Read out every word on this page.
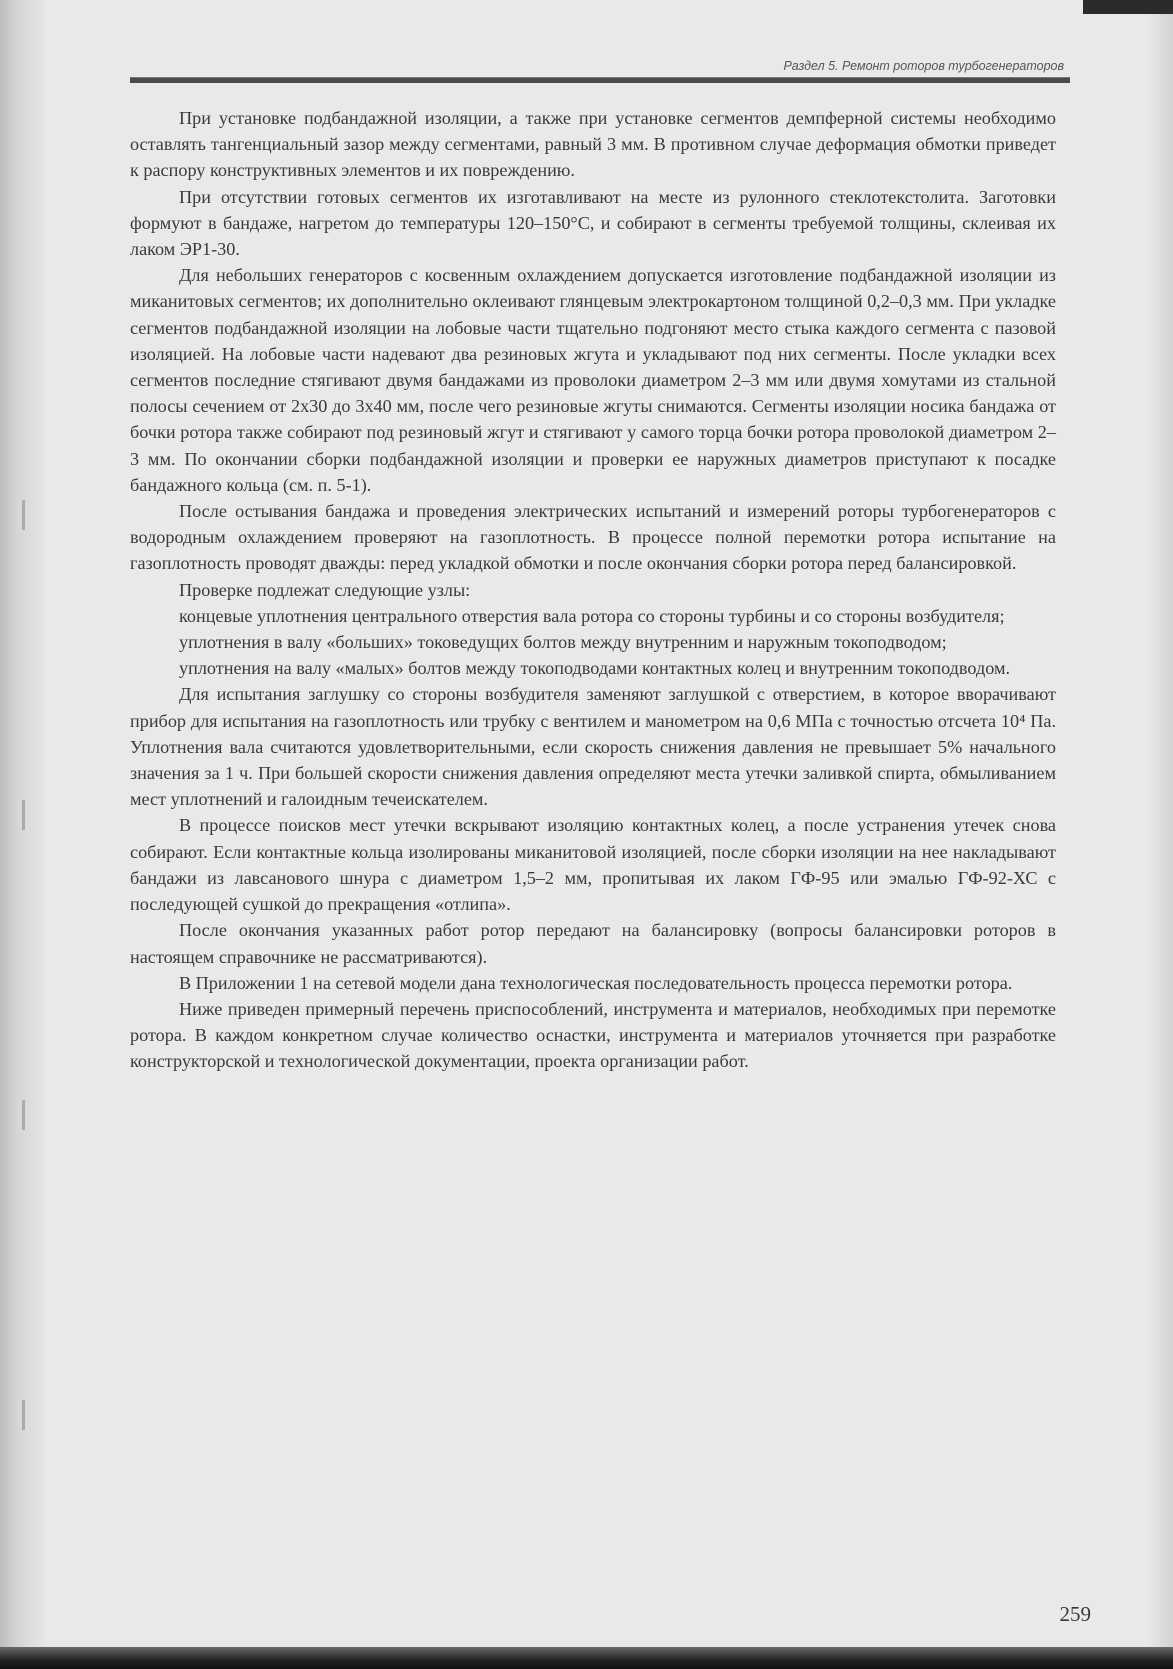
Раздел 5. Ремонт роторов турбогенераторов

При установке подбандажной изоляции, а также при установке сегментов демпферной системы необходимо оставлять тангенциальный зазор между сегментами, равный 3 мм. В противном случае деформация обмотки приведет к распору конструктивных элементов и их повреждению.

При отсутствии готовых сегментов их изготавливают на месте из рулонного стеклотекстолита. Заготовки формуют в бандаже, нагретом до температуры 120–150°С, и собирают в сегменты требуемой толщины, склеивая их лаком ЭР1-30.

Для небольших генераторов с косвенным охлаждением допускается изготовление подбандажной изоляции из миканитовых сегментов; их дополнительно оклеивают глянцевым электрокартоном толщиной 0,2–0,3 мм. При укладке сегментов подбандажной изоляции на лобовые части тщательно подгоняют место стыка каждого сегмента с пазовой изоляцией. На лобовые части надевают два резиновых жгута и укладывают под них сегменты. После укладки всех сегментов последние стягивают двумя бандажами из проволоки диаметром 2–3 мм или двумя хомутами из стальной полосы сечением от 2х30 до 3х40 мм, после чего резиновые жгуты снимаются. Сегменты изоляции носика бандажа от бочки ротора также собирают под резиновый жгут и стягивают у самого торца бочки ротора проволокой диаметром 2–3 мм. По окончании сборки подбандажной изоляции и проверки ее наружных диаметров приступают к посадке бандажного кольца (см. п. 5-1).

После остывания бандажа и проведения электрических испытаний и измерений роторы турбогенераторов с водородным охлаждением проверяют на газоплотность. В процессе полной перемотки ротора испытание на газоплотность проводят дважды: перед укладкой обмотки и после окончания сборки ротора перед балансировкой.

Проверке подлежат следующие узлы:

концевые уплотнения центрального отверстия вала ротора со стороны турбины и со стороны возбудителя;

уплотнения в валу «больших» токоведущих болтов между внутренним и наружным токоподводом;

уплотнения на валу «малых» болтов между токоподводами контактных колец и внутренним токоподводом.

Для испытания заглушку со стороны возбудителя заменяют заглушкой с отверстием, в которое вворачивают прибор для испытания на газоплотность или трубку с вентилем и манометром на 0,6 МПа с точностью отсчета 10⁴ Па. Уплотнения вала считаются удовлетворительными, если скорость снижения давления не превышает 5% начального значения за 1 ч. При большей скорости снижения давления определяют места утечки заливкой спирта, обмыливанием мест уплотнений и галоидным течеискателем.

В процессе поисков мест утечки вскрывают изоляцию контактных колец, а после устранения утечек снова собирают. Если контактные кольца изолированы миканитовой изоляцией, после сборки изоляции на нее накладывают бандажи из лавсанового шнура с диаметром 1,5–2 мм, пропитывая их лаком ГФ-95 или эмалью ГФ-92-ХС с последующей сушкой до прекращения «отлипа».

После окончания указанных работ ротор передают на балансировку (вопросы балансировки роторов в настоящем справочнике не рассматриваются).

В Приложении 1 на сетевой модели дана технологическая последовательность процесса перемотки ротора.

Ниже приведен примерный перечень приспособлений, инструмента и материалов, необходимых при перемотке ротора. В каждом конкретном случае количество оснастки, инструмента и материалов уточняется при разработке конструкторской и технологической документации, проекта организации работ.

259
